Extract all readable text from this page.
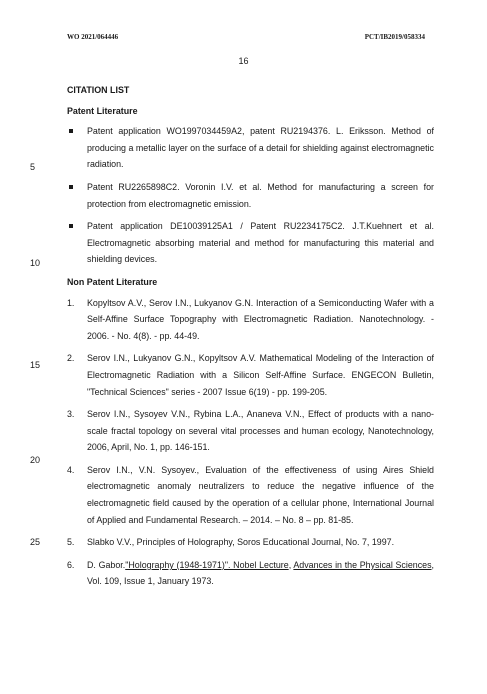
WO 2021/064446	PCT/IB2019/058334
16
5
10
15
20
25

CITATION LIST

Patent Literature

Patent application WO1997034459A2, patent RU2194376. L. Eriksson. Method of producing a metallic layer on the surface of a detail for shielding against electromagnetic radiation.
Patent RU2265898C2. Voronin I.V. et al. Method for manufacturing a screen for protection from electromagnetic emission.
Patent application DE10039125A1 / Patent RU2234175C2. J.T.Kuehnert et al. Electromagnetic absorbing material and method for manufacturing this material and shielding devices.

Non Patent Literature

1. Kopyltsov A.V., Serov I.N., Lukyanov G.N. Interaction of a Semiconducting Wafer with a Self-Affine Surface Topography with Electromagnetic Radiation. Nanotechnology. - 2006. - No. 4(8). - pp. 44-49.
2. Serov I.N., Lukyanov G.N., Kopyltsov A.V. Mathematical Modeling of the Interaction of Electromagnetic Radiation with a Silicon Self-Affine Surface. ENGECON Bulletin, "Technical Sciences" series - 2007 Issue 6(19) - pp. 199-205.
3. Serov I.N., Sysoyev V.N., Rybina L.A., Ananeva V.N., Effect of products with a nano-scale fractal topology on several vital processes and human ecology, Nanotechnology, 2006, April, No. 1, pp. 146-151.
4. Serov I.N., V.N. Sysoyev., Evaluation of the effectiveness of using Aires Shield electromagnetic anomaly neutralizers to reduce the negative influence of the electromagnetic field caused by the operation of a cellular phone, International Journal of Applied and Fundamental Research. – 2014. – No. 8 – pp. 81-85.
5. Slabko V.V., Principles of Holography, Soros Educational Journal, No. 7, 1997.
6. D. Gabor."Holography (1948-1971)". Nobel Lecture, Advances in the Physical Sciences, Vol. 109, Issue 1, January 1973.
